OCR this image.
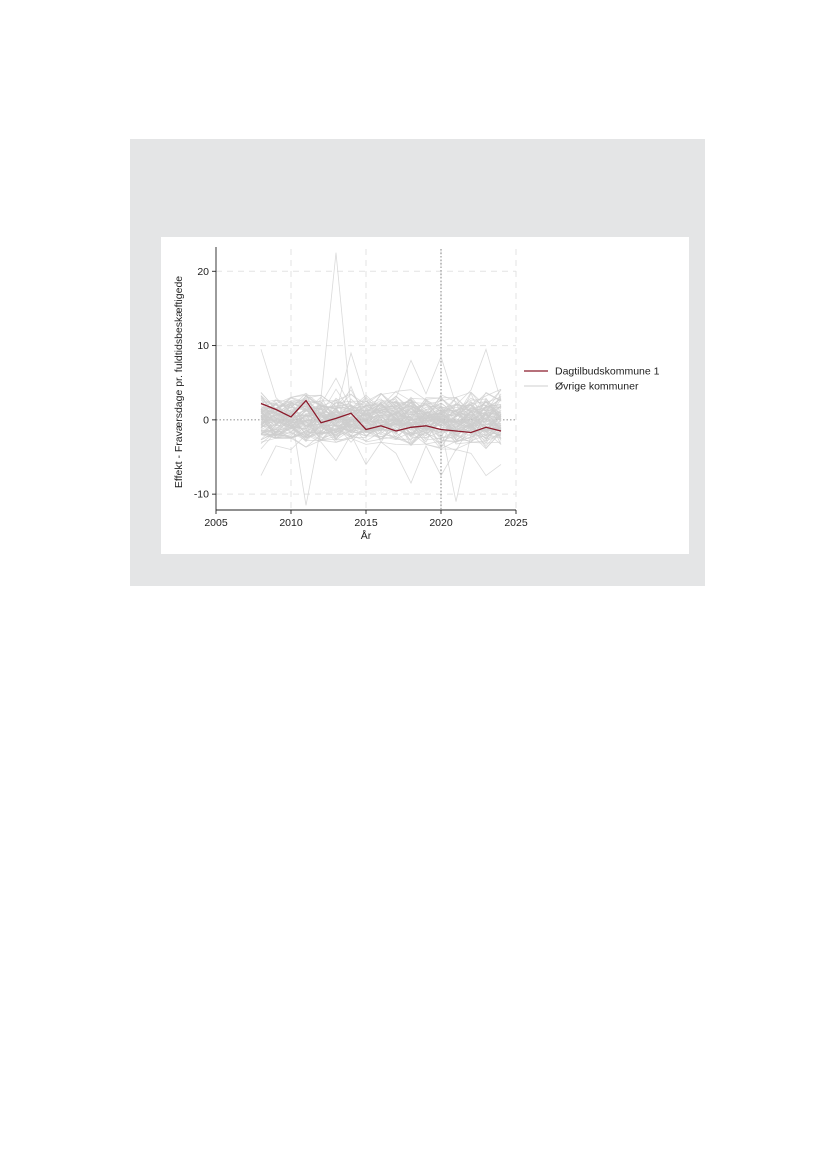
2005	2010	2015	2020	2025
-10
0
10
20
År
Effekt - Fraværsdage pr. fuldtidsbeskæftigede	Dagtilbudskommune 1
Øvrige kommuner
